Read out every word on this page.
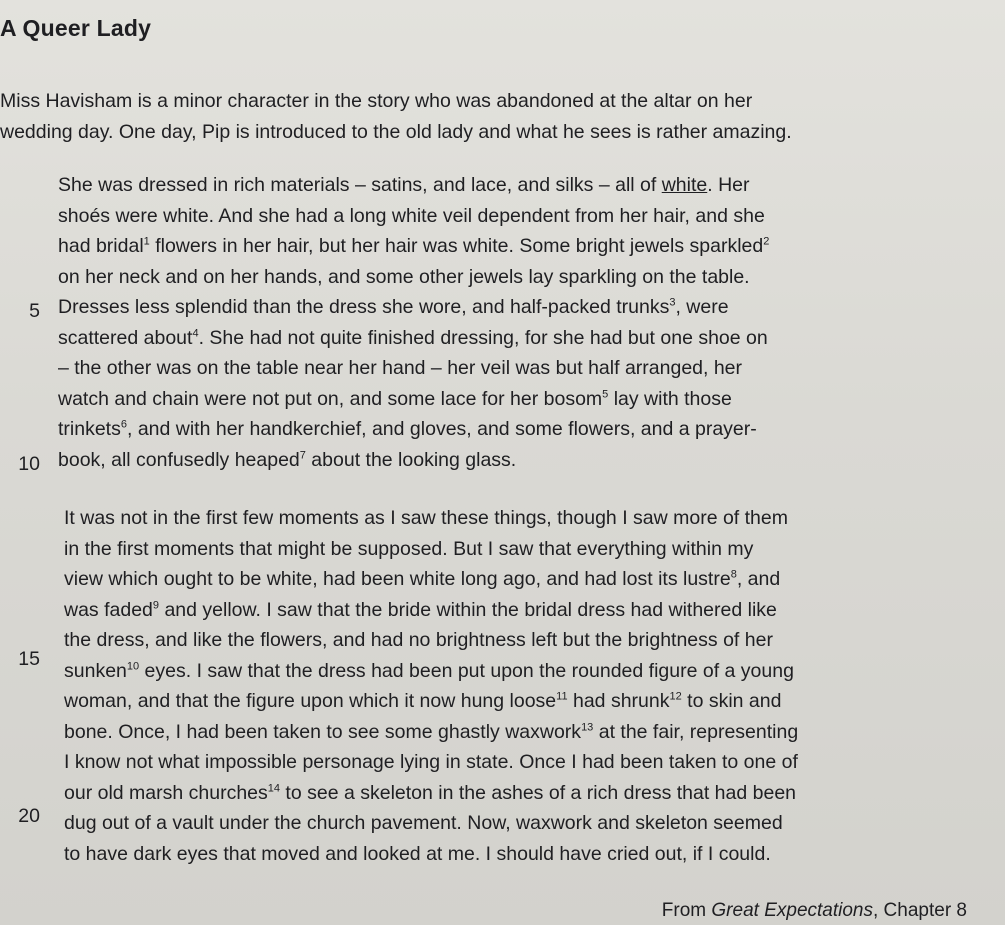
A Queer Lady
Miss Havisham is a minor character in the story who was abandoned at the altar on her
wedding day. One day, Pip is introduced to the old lady and what he sees is rather amazing.
She was dressed in rich materials – satins, and lace, and silks – all of white. Her
shoés were white. And she had a long white veil dependent from her hair, and she
had bridal$^1$ flowers in her hair, but her hair was white. Some bright jewels sparkled$^2$
on her neck and on her hands, and some other jewels lay sparkling on the table.
Dresses less splendid than the dress she wore, and half-packed trunks$^3$, were
scattered about$^4$. She had not quite finished dressing, for she had but one shoe on
– the other was on the table near her hand – her veil was but half arranged, her
watch and chain were not put on, and some lace for her bosom$^5$ lay with those
trinkets$^6$, and with her handkerchief, and gloves, and some flowers, and a prayer-
book, all confusedly heaped$^7$ about the looking glass.
It was not in the first few moments as I saw these things, though I saw more of them
in the first moments that might be supposed. But I saw that everything within my
view which ought to be white, had been white long ago, and had lost its lustre$^8$, and
was faded$^9$ and yellow. I saw that the bride within the bridal dress had withered like
the dress, and like the flowers, and had no brightness left but the brightness of her
sunken$^{10}$ eyes. I saw that the dress had been put upon the rounded figure of a young
woman, and that the figure upon which it now hung loose$^{11}$ had shrunk$^{12}$ to skin and
bone. Once, I had been taken to see some ghastly waxwork$^{13}$ at the fair, representing
I know not what impossible personage lying in state. Once I had been taken to one of
our old marsh churches$^{14}$ to see a skeleton in the ashes of a rich dress that had been
dug out of a vault under the church pavement. Now, waxwork and skeleton seemed
to have dark eyes that moved and looked at me. I should have cried out, if I could.
5
10
15
20
From Great Expectations, Chapter 8
